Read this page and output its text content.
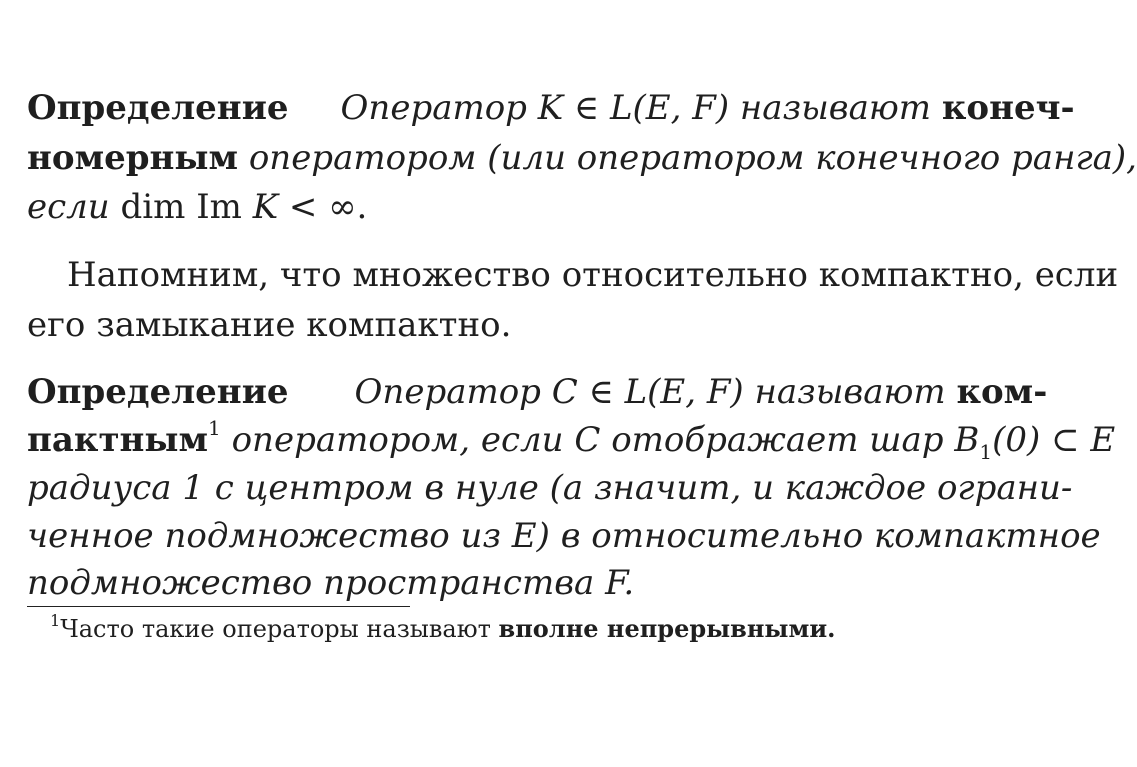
Определение Оператор K ∈ L(E, F) называют конеч-
номерным оператором (или оператором конечного ранга),
если dim Im K < ∞.
Напомним, что множество относительно компактно, если
его замыкание компактно.
Определение Оператор C ∈ L(E, F) называют ком-
пактным$^1$ оператором, если C отображает шар $B_1(0)$ ⊂ E
радиуса 1 с центром в нуле (а значит, и каждое ограни-
ченное подмножество из E) в относительно компактное
подмножество пространства F.
$^1$Часто такие операторы называют вполне непрерывными.
